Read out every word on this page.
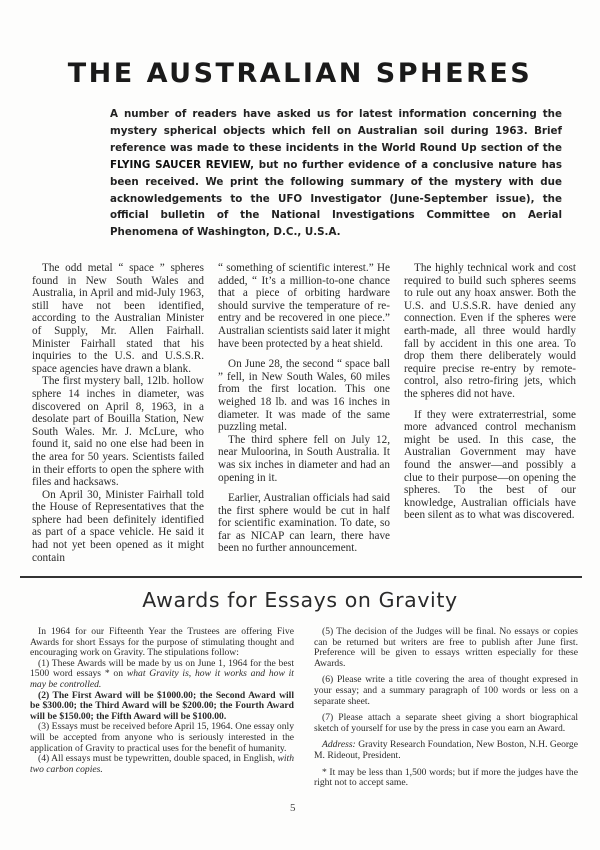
THE AUSTRALIAN SPHERES
A number of readers have asked us for latest information concerning the mystery spherical objects which fell on Australian soil during 1963. Brief reference was made to these incidents in the World Round Up section of the FLYING SAUCER REVIEW, but no further evidence of a conclusive nature has been received. We print the following summary of the mystery with due acknowledgements to the UFO Investigator (June-September issue), the official bulletin of the National Investigations Committee on Aerial Phenomena of Washington, D.C., U.S.A.

The odd metal “ space ” spheres found in New South Wales and Australia, in April and mid-July 1963, still have not been identified, according to the Australian Minister of Supply, Mr. Allen Fairhall. Minister Fairhall stated that his inquiries to the U.S. and U.S.S.R. space agencies have drawn a blank.

The first mystery ball, 12lb. hollow sphere 14 inches in diameter, was discovered on April 8, 1963, in a desolate part of Bouilla Station, New South Wales. Mr. J. McLure, who found it, said no one else had been in the area for 50 years. Scientists failed in their efforts to open the sphere with files and hacksaws.

On April 30, Minister Fairhall told the House of Representatives that the sphere had been definitely identified as part of a space vehicle. He said it had not yet been opened as it might contain

“ something of scientific interest.” He added, “ It’s a million-to-one chance that a piece of orbiting hardware should survive the temperature of re-entry and be recovered in one piece.” Australian scientists said later it might have been protected by a heat shield.

On June 28, the second “ space ball ” fell, in New South Wales, 60 miles from the first location. This one weighed 18 lb. and was 16 inches in diameter. It was made of the same puzzling metal.

The third sphere fell on July 12, near Muloorina, in South Australia. It was six inches in diameter and had an opening in it.

Earlier, Australian officials had said the first sphere would be cut in half for scientific examination. To date, so far as NICAP can learn, there have been no further announcement.

The highly technical work and cost required to build such spheres seems to rule out any hoax answer. Both the U.S. and U.S.S.R. have denied any connection. Even if the spheres were earth-made, all three would hardly fall by accident in this one area. To drop them there deliberately would require precise re-entry by remote-control, also retro-firing jets, which the spheres did not have.

If they were extraterrestrial, some more advanced control mechanism might be used. In this case, the Australian Government may have found the answer—and possibly a clue to their purpose—on opening the spheres. To the best of our knowledge, Australian officials have been silent as to what was discovered.

Awards for Essays on Gravity

In 1964 for our Fifteenth Year the Trustees are offering Five Awards for short Essays for the purpose of stimulating thought and encouraging work on Gravity. The stipulations follow:

(1) These Awards will be made by us on June 1, 1964 for the best 1500 word essays * on what Gravity is, how it works and how it may be controlled.

(2) The First Award will be $1000.00; the Second Award will be $300.00; the Third Award will be $200.00; the Fourth Award will be $150.00; the Fifth Award will be $100.00.

(3) Essays must be received before April 15, 1964. One essay only will be accepted from anyone who is seriously interested in the application of Gravity to practical uses for the benefit of humanity.

(4) All essays must be typewritten, double spaced, in English, with two carbon copies.

(5) The decision of the Judges will be final. No essays or copies can be returned but writers are free to publish after June first. Preference will be given to essays written especially for these Awards.

(6) Please write a title covering the area of thought expresed in your essay; and a summary paragraph of 100 words or less on a separate sheet.

(7) Please attach a separate sheet giving a short biographical sketch of yourself for use by the press in case you earn an Award.

Address: Gravity Research Foundation, New Boston, N.H. George M. Rideout, President.

* It may be less than 1,500 words; but if more the judges have the right not to accept same.

5
